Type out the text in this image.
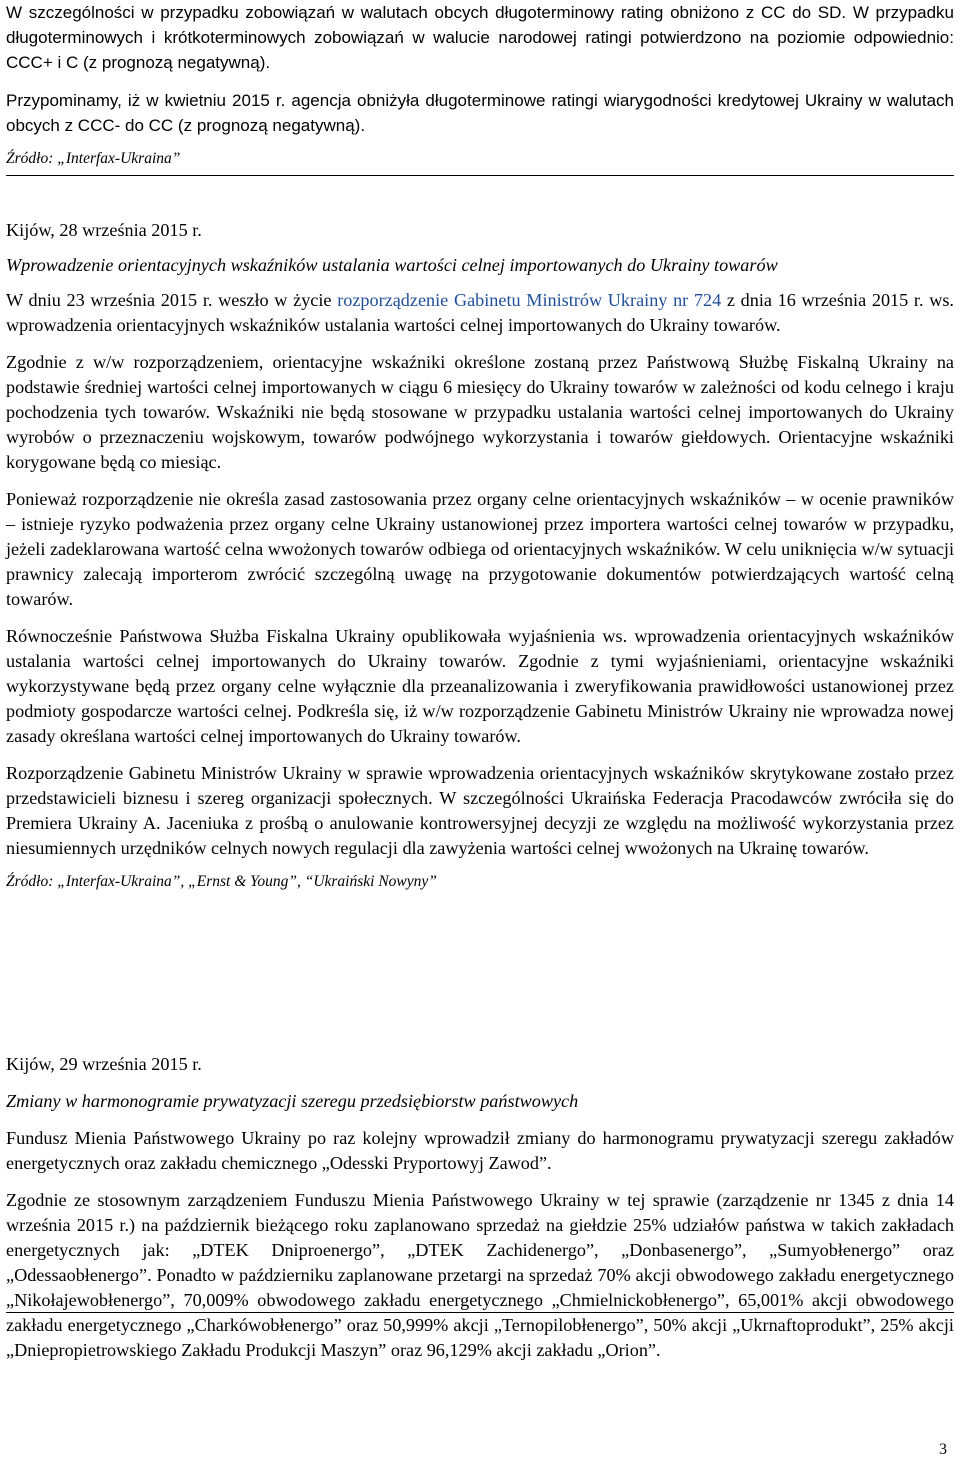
W szczególności w przypadku zobowiązań w walutach obcych długoterminowy rating obniżono z CC do SD. W przypadku długoterminowych i krótkoterminowych zobowiązań w walucie narodowej ratingi potwierdzono na poziomie odpowiednio: CCC+ i C (z prognozą negatywną).

Przypominamy, iż w kwietniu 2015 r. agencja obniżyła długoterminowe ratingi wiarygodności kredytowej Ukrainy w walutach obcych z CCC- do CC (z prognozą negatywną).

Źródło: „Interfax-Ukraina”

Kijów, 28 września 2015 r.

Wprowadzenie orientacyjnych wskaźników ustalania wartości celnej importowanych do Ukrainy towarów

W dniu 23 września 2015 r. weszło w życie rozporządzenie Gabinetu Ministrów Ukrainy nr 724 z dnia 16 września 2015 r. ws. wprowadzenia orientacyjnych wskaźników ustalania wartości celnej importowanych do Ukrainy towarów.

Zgodnie z w/w rozporządzeniem, orientacyjne wskaźniki określone zostaną przez Państwową Służbę Fiskalną Ukrainy na podstawie średniej wartości celnej importowanych w ciągu 6 miesięcy do Ukrainy towarów w zależności od kodu celnego i kraju pochodzenia tych towarów. Wskaźniki nie będą stosowane w przypadku ustalania wartości celnej importowanych do Ukrainy wyrobów o przeznaczeniu wojskowym, towarów podwójnego wykorzystania i towarów giełdowych. Orientacyjne wskaźniki korygowane będą co miesiąc.

Ponieważ rozporządzenie nie określa zasad zastosowania przez organy celne orientacyjnych wskaźników – w ocenie prawników – istnieje ryzyko podważenia przez organy celne Ukrainy ustanowionej przez importera wartości celnej towarów w przypadku, jeżeli zadeklarowana wartość celna wwożonych towarów odbiega od orientacyjnych wskaźników. W celu uniknięcia w/w sytuacji prawnicy zalecają importerom zwrócić szczególną uwagę na przygotowanie dokumentów potwierdzających wartość celną towarów.

Równocześnie Państwowa Służba Fiskalna Ukrainy opublikowała wyjaśnienia ws. wprowadzenia orientacyjnych wskaźników ustalania wartości celnej importowanych do Ukrainy towarów. Zgodnie z tymi wyjaśnieniami, orientacyjne wskaźniki wykorzystywane będą przez organy celne wyłącznie dla przeanalizowania i zweryfikowania prawidłowości ustanowionej przez podmioty gospodarcze wartości celnej. Podkreśla się, iż w/w rozporządzenie Gabinetu Ministrów Ukrainy nie wprowadza nowej zasady określana wartości celnej importowanych do Ukrainy towarów.

Rozporządzenie Gabinetu Ministrów Ukrainy w sprawie wprowadzenia orientacyjnych wskaźników skrytykowane zostało przez przedstawicieli biznesu i szereg organizacji społecznych. W szczególności Ukraińska Federacja Pracodawców zwróciła się do Premiera Ukrainy A. Jaceniuka z prośbą o anulowanie kontrowersyjnej decyzji ze względu na możliwość wykorzystania przez niesumiennych urzędników celnych nowych regulacji dla zawyżenia wartości celnej wwożonych na Ukrainę towarów.

Źródło: „Interfax-Ukraina”, „Ernst & Young”, “Ukraiński Nowyny”

Kijów, 29 września 2015 r.

Zmiany w harmonogramie prywatyzacji szeregu przedsiębiorstw państwowych

Fundusz Mienia Państwowego Ukrainy po raz kolejny wprowadził zmiany do harmonogramu prywatyzacji szeregu zakładów energetycznych oraz zakładu chemicznego „Odesski Pryportowyj Zawod”.

Zgodnie ze stosownym zarządzeniem Funduszu Mienia Państwowego Ukrainy w tej sprawie (zarządzenie nr 1345 z dnia 14 września 2015 r.) na październik bieżącego roku zaplanowano sprzedaż na giełdzie 25% udziałów państwa w takich zakładach energetycznych jak: „DTEK Dniproenergo”, „DTEK Zachidenergo”, „Donbasenergo”, „Sumyobłenergo” oraz „Odessaobłenergo”. Ponadto w październiku zaplanowane przetargi na sprzedaż 70% akcji obwodowego zakładu energetycznego „Nikołajewobłenergo”, 70,009% obwodowego zakładu energetycznego „Chmielnickobłenergo”, 65,001% akcji obwodowego zakładu energetycznego „Charkówobłenergo” oraz 50,999% akcji „Ternopilobłenergo”, 50% akcji „Ukrnaftoprodukt”, 25% akcji „Dniepropietrowskiego Zakładu Produkcji Maszyn” oraz 96,129% akcji zakładu „Orion”.

3
